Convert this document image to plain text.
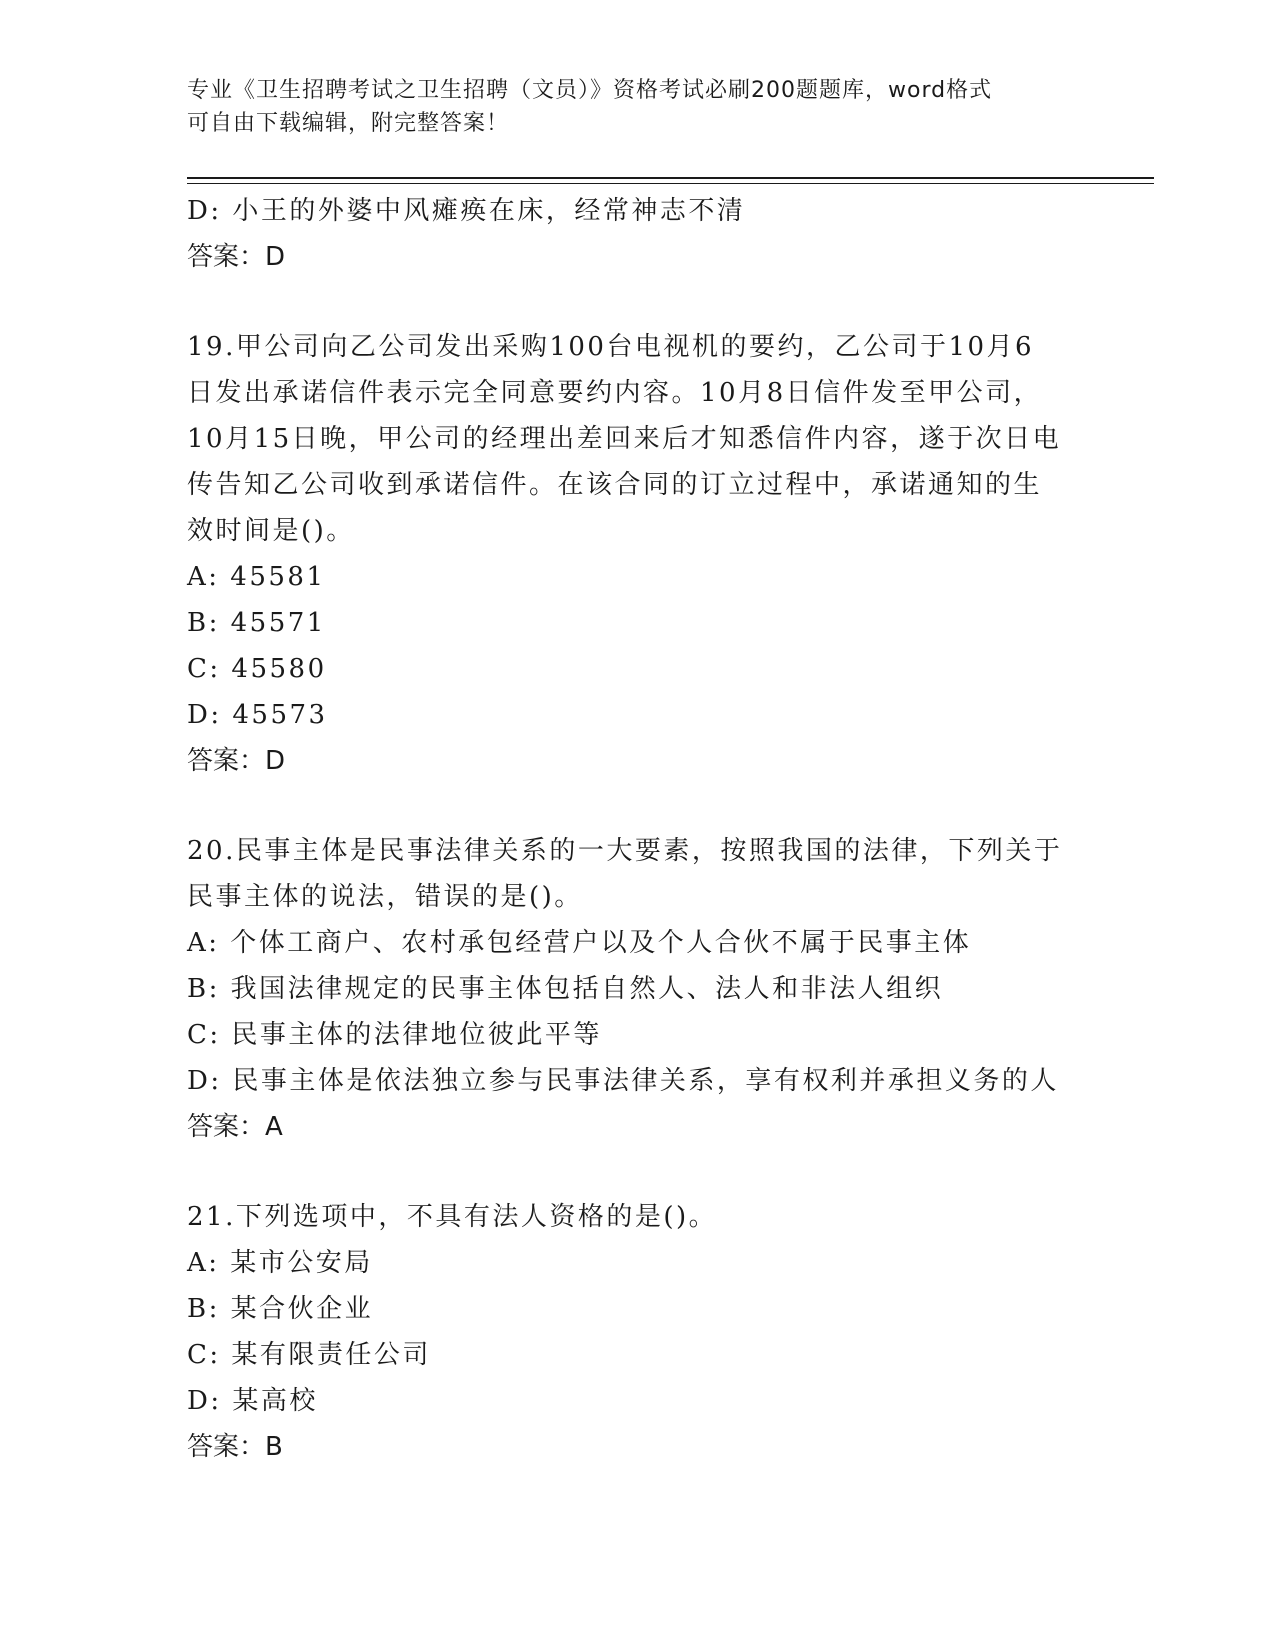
专业《卫生招聘考试之卫生招聘（文员）》资格考试必刷200题题库，word格式
可自由下载编辑，附完整答案！
D: 小王的外婆中风瘫痪在床，经常神志不清
答案：D
19.甲公司向乙公司发出采购100台电视机的要约，乙公司于10月6
日发出承诺信件表示完全同意要约内容。10月8日信件发至甲公司，
10月15日晚，甲公司的经理出差回来后才知悉信件内容，遂于次日电
传告知乙公司收到承诺信件。在该合同的订立过程中，承诺通知的生
效时间是()。
A: 45581
B: 45571
C: 45580
D: 45573
答案：D
20.民事主体是民事法律关系的一大要素，按照我国的法律，下列关于
民事主体的说法，错误的是()。
A: 个体工商户、农村承包经营户以及个人合伙不属于民事主体
B: 我国法律规定的民事主体包括自然人、法人和非法人组织
C: 民事主体的法律地位彼此平等
D: 民事主体是依法独立参与民事法律关系，享有权利并承担义务的人
答案：A
21.下列选项中，不具有法人资格的是()。
A: 某市公安局
B: 某合伙企业
C: 某有限责任公司
D: 某高校
答案：B
